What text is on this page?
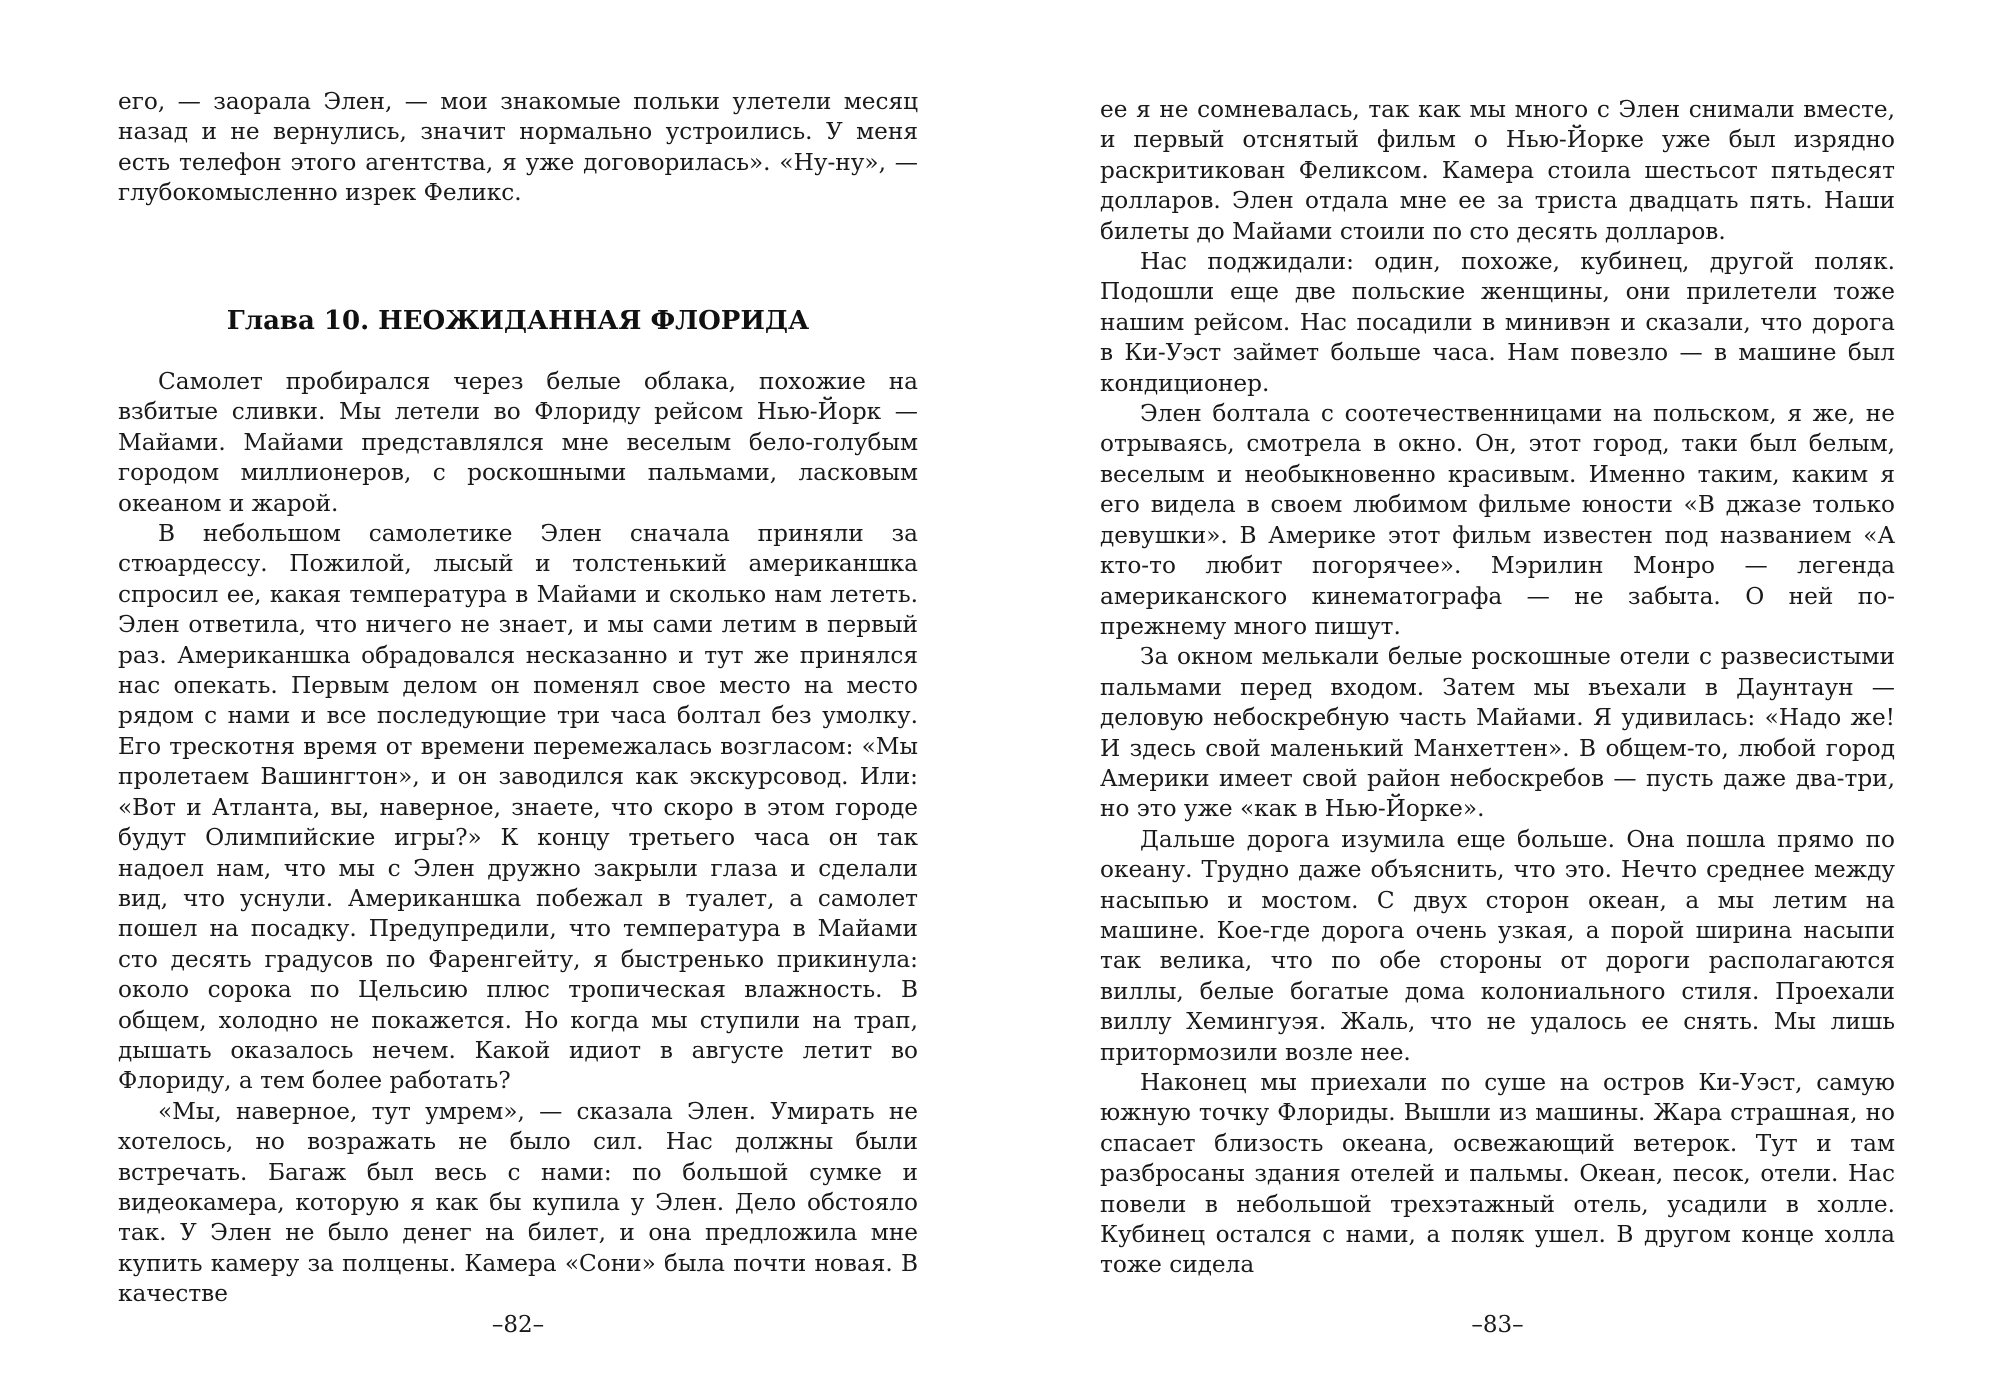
его, — заорала Элен, — мои знакомые польки улетели месяц назад и не вернулись, значит нормально устроились. У меня есть телефон этого агентства, я уже договорилась». «Ну-ну», — глубокомысленно изрек Феликс.

Глава 10. НЕОЖИДАННАЯ ФЛОРИДА

Самолет пробирался через белые облака, похожие на взбитые сливки. Мы летели во Флориду рейсом Нью-Йорк — Майами. Майами представлялся мне веселым бело-голубым городом миллионеров, с роскошными пальмами, ласковым океаном и жарой.

В небольшом самолетике Элен сначала приняли за стюардессу. Пожилой, лысый и толстенький американшка спросил ее, какая температура в Майами и сколько нам лететь. Элен ответила, что ничего не знает, и мы сами летим в первый раз. Американшка обрадовался несказанно и тут же принялся нас опекать. Первым делом он поменял свое место на место рядом с нами и все последующие три часа болтал без умолку. Его трескотня время от времени перемежалась возгласом: «Мы пролетаем Вашингтон», и он заводился как экскурсовод. Или: «Вот и Атланта, вы, наверное, знаете, что скоро в этом городе будут Олимпийские игры?» К концу третьего часа он так надоел нам, что мы с Элен дружно закрыли глаза и сделали вид, что уснули. Американшка побежал в туалет, а самолет пошел на посадку. Предупредили, что температура в Майами сто десять градусов по Фаренгейту, я быстренько прикинула: около сорока по Цельсию плюс тропическая влажность. В общем, холодно не покажется. Но когда мы ступили на трап, дышать оказалось нечем. Какой идиот в августе летит во Флориду, а тем более работать?

«Мы, наверное, тут умрем», — сказала Элен. Умирать не хотелось, но возражать не было сил. Нас должны были встречать. Багаж был весь с нами: по большой сумке и видеокамера, которую я как бы купила у Элен. Дело обстояло так. У Элен не было денег на билет, и она предложила мне купить камеру за полцены. Камера «Сони» была почти новая. В качестве

–82–

ее я не сомневалась, так как мы много с Элен снимали вместе, и первый отснятый фильм о Нью-Йорке уже был изрядно раскритикован Феликсом. Камера стоила шестьсот пятьдесят долларов. Элен отдала мне ее за триста двадцать пять. Наши билеты до Майами стоили по сто десять долларов.

Нас поджидали: один, похоже, кубинец, другой поляк. Подошли еще две польские женщины, они прилетели тоже нашим рейсом. Нас посадили в минивэн и сказали, что дорога в Ки-Уэст займет больше часа. Нам повезло — в машине был кондиционер.

Элен болтала с соотечественницами на польском, я же, не отрываясь, смотрела в окно. Он, этот город, таки был белым, веселым и необыкновенно красивым. Именно таким, каким я его видела в своем любимом фильме юности «В джазе только девушки». В Америке этот фильм известен под названием «А кто-то любит погорячее». Мэрилин Монро — легенда американского кинематографа — не забыта. О ней по-прежнему много пишут.

За окном мелькали белые роскошные отели с развесистыми пальмами перед входом. Затем мы въехали в Даунтаун — деловую небоскребную часть Майами. Я удивилась: «Надо же! И здесь свой маленький Манхеттен». В общем-то, любой город Америки имеет свой район небоскребов — пусть даже два-три, но это уже «как в Нью-Йорке».

Дальше дорога изумила еще больше. Она пошла прямо по океану. Трудно даже объяснить, что это. Нечто среднее между насыпью и мостом. С двух сторон океан, а мы летим на машине. Кое-где дорога очень узкая, а порой ширина насыпи так велика, что по обе стороны от дороги располагаются виллы, белые богатые дома колониального стиля. Проехали виллу Хемингуэя. Жаль, что не удалось ее снять. Мы лишь притормозили возле нее.

Наконец мы приехали по суше на остров Ки-Уэст, самую южную точку Флориды. Вышли из машины. Жара страшная, но спасает близость океана, освежающий ветерок. Тут и там разбросаны здания отелей и пальмы. Океан, песок, отели. Нас повели в небольшой трехэтажный отель, усадили в холле. Кубинец остался с нами, а поляк ушел. В другом конце холла тоже сидела

–83–
